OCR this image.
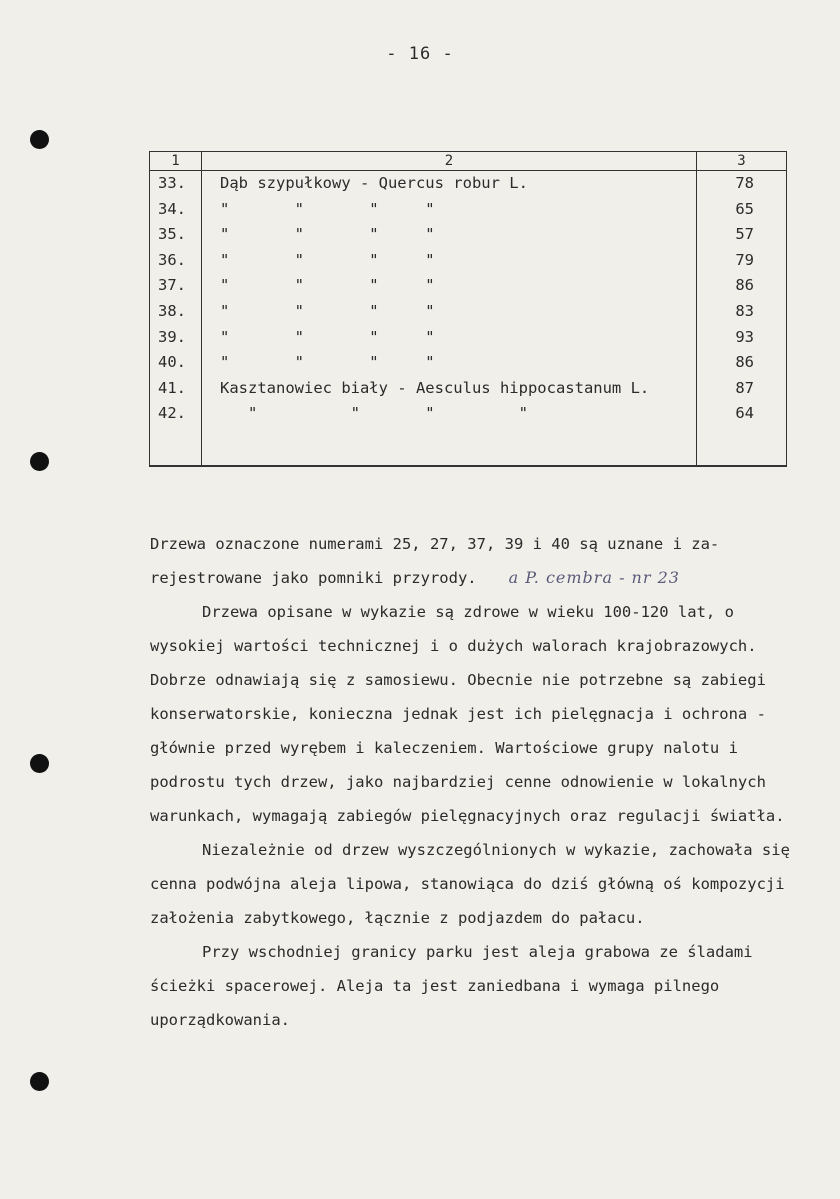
- 16 -
1	2	3
33.	Dąb szypułkowy - Quercus robur L.	78
34.	"       "       "     "	65
35.	"       "       "     "	57
36.	"       "       "     "	79
37.	"       "       "     "	86
38.	"       "       "     "	83
39.	"       "       "     "	93
40.	"       "       "     "	86
41.	Kasztanowiec biały - Aesculus hippocastanum L.	87
42.	"          "       "         "	64

Drzewa oznaczone numerami 25, 27, 37, 39 i 40 są uznane i za-

rejestrowane jako pomniki przyrody. a P. cembra - nr 23

Drzewa opisane w wykazie są zdrowe w wieku 100-120 lat, o wysokiej wartości technicznej i o dużych walorach krajobrazowych. Dobrze odnawiają się z samosiewu. Obecnie nie potrzebne są zabiegi konserwatorskie, konieczna jednak jest ich pielęgnacja i ochrona - głównie przed wyrębem i kaleczeniem. Wartościowe grupy nalotu i podrostu tych drzew, jako najbardziej cenne odnowienie w lokalnych warunkach, wymagają zabiegów pielęgnacyjnych oraz regulacji światła.

Niezależnie od drzew wyszczególnionych w wykazie, zachowała się cenna podwójna aleja lipowa, stanowiąca do dziś główną oś kompozycji założenia zabytkowego, łącznie z podjazdem do pałacu.

Przy wschodniej granicy parku jest aleja grabowa ze śladami ścieżki spacerowej. Aleja ta jest zaniedbana i wymaga pilnego uporządkowania.
